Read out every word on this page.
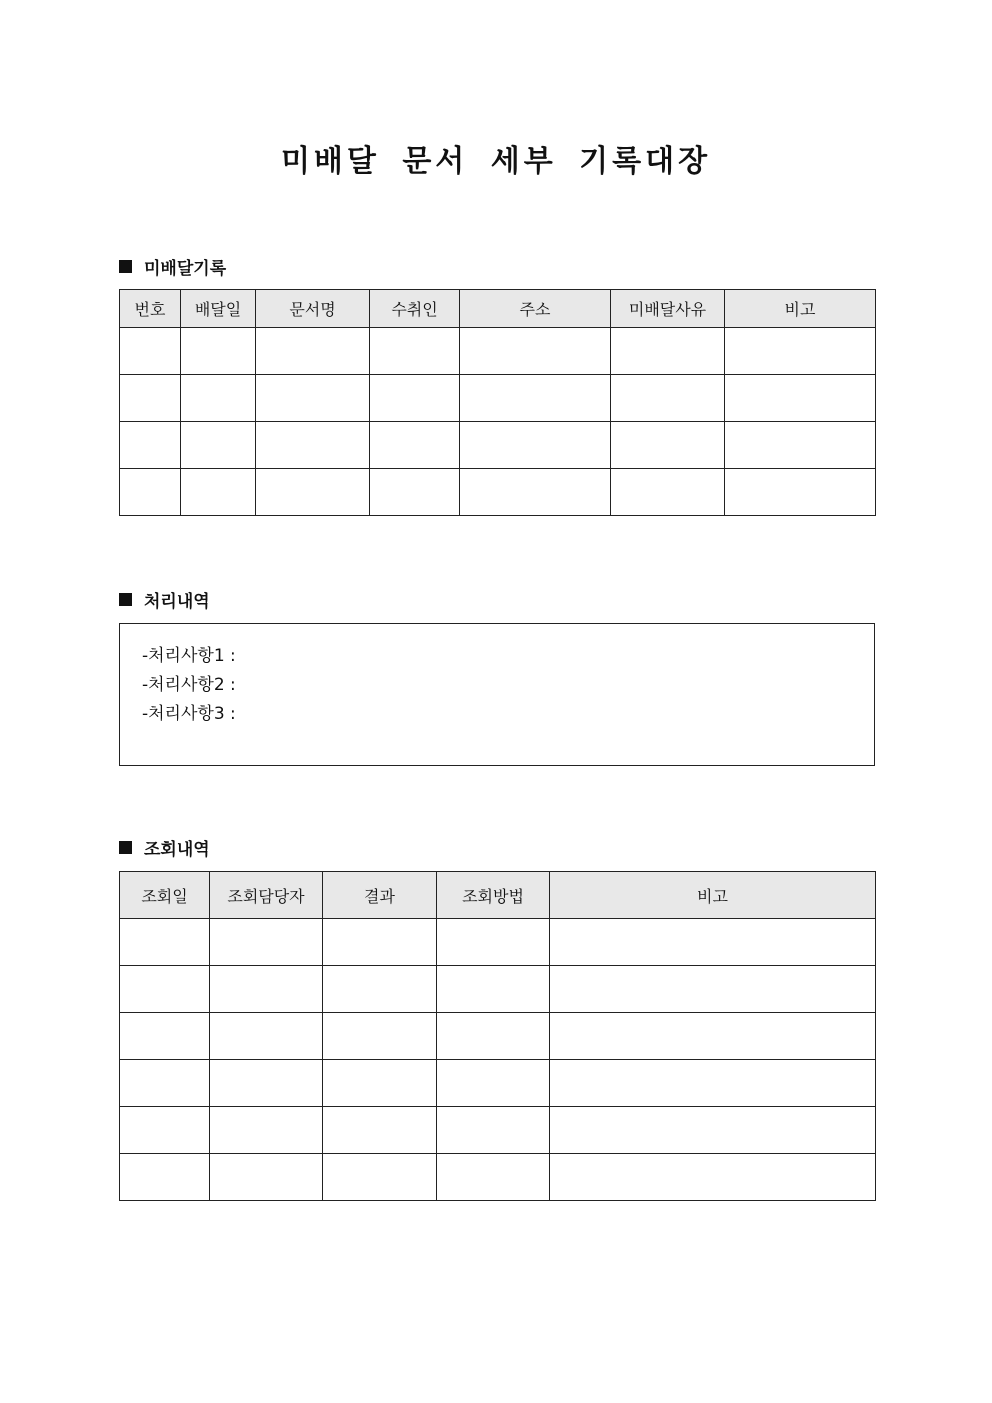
미배달 문서 세부 기록대장
미배달기록
번호	배달일	문서명	수취인	주소	미배달사유	비고

처리내역
-처리사항1 :
-처리사항2 :
-처리사항3 :
조회내역
조회일	조회담당자	결과	조회방법	비고
